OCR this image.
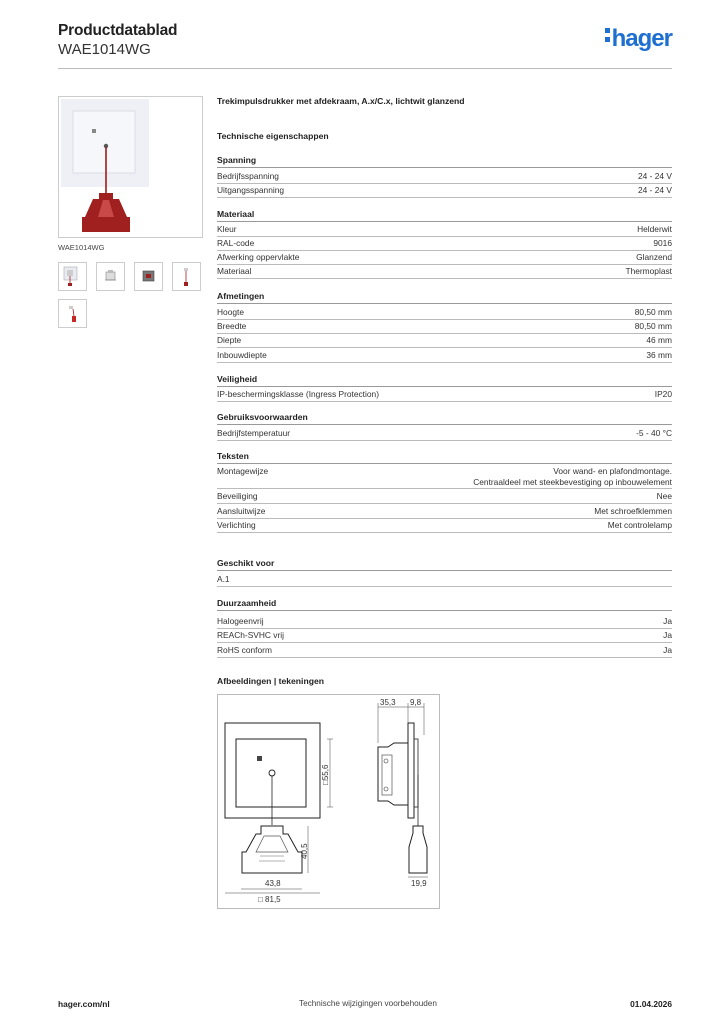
Productdatablad
WAE1014WG	hager
WAE1014WG
Trekimpulsdrukker met afdekraam, A.x/C.x, lichtwit glanzend
Technische eigenschappen
Spanning
Bedrijfsspanning	24 - 24 V
Uitgangsspanning	24 - 24 V
Materiaal
Kleur	Helderwit
RAL-code	9016
Afwerking oppervlakte	Glanzend
Materiaal	Thermoplast
Afmetingen
Hoogte	80,50 mm
Breedte	80,50 mm
Diepte	46 mm
Inbouwdiepte	36 mm
Veiligheid
IP-beschermingsklasse (Ingress Protection)	IP20
Gebruiksvoorwaarden
Bedrijfstemperatuur	-5 - 40 °C
Teksten
Montagewijze	Voor wand- en plafondmontage.
Centraaldeel met steekbevestiging op inbouwelement
Beveiliging	Nee
Aansluitwijze	Met schroefklemmen
Verlichting	Met controlelamp
Geschikt voor
A.1
Duurzaamheid
Halogeenvrij	Ja
REACh-SVHC vrij	Ja
RoHS conform	Ja
Afbeeldingen | tekeningen
□55,6
40,5
43,8
□ 81,5
35,3 9,8
19,9
hager.com/nl	Technische wijzigingen voorbehouden	01.04.2026
